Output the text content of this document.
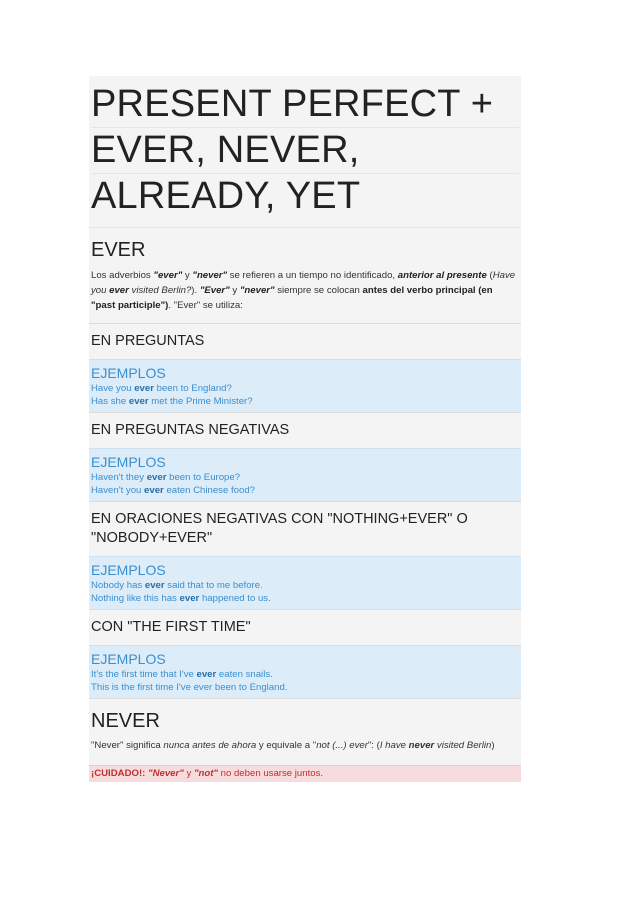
PRESENT PERFECT +
EVER, NEVER,
ALREADY, YET
EVER
Los adverbios "ever" y "never" se refieren a un tiempo no identificado, anterior al presente (Have you ever visited Berlin?). "Ever" y "never" siempre se colocan antes del verbo principal (en "past participle"). "Ever" se utiliza:
EN PREGUNTAS
EJEMPLOS
Have you ever been to England?
Has she ever met the Prime Minister?
EN PREGUNTAS NEGATIVAS
EJEMPLOS
Haven't they ever been to Europe?
Haven't you ever eaten Chinese food?
EN ORACIONES NEGATIVAS CON "NOTHING+EVER" O "NOBODY+EVER"
EJEMPLOS
Nobody has ever said that to me before.
Nothing like this has ever happened to us.
CON "THE FIRST TIME"
EJEMPLOS
It's the first time that I've ever eaten snails.
This is the first time I've ever been to England.
NEVER
"Never" significa nunca antes de ahora y equivale a "not (...) ever": (I have never visited Berlin)
¡CUIDADO!: "Never" y "not" no deben usarse juntos.
